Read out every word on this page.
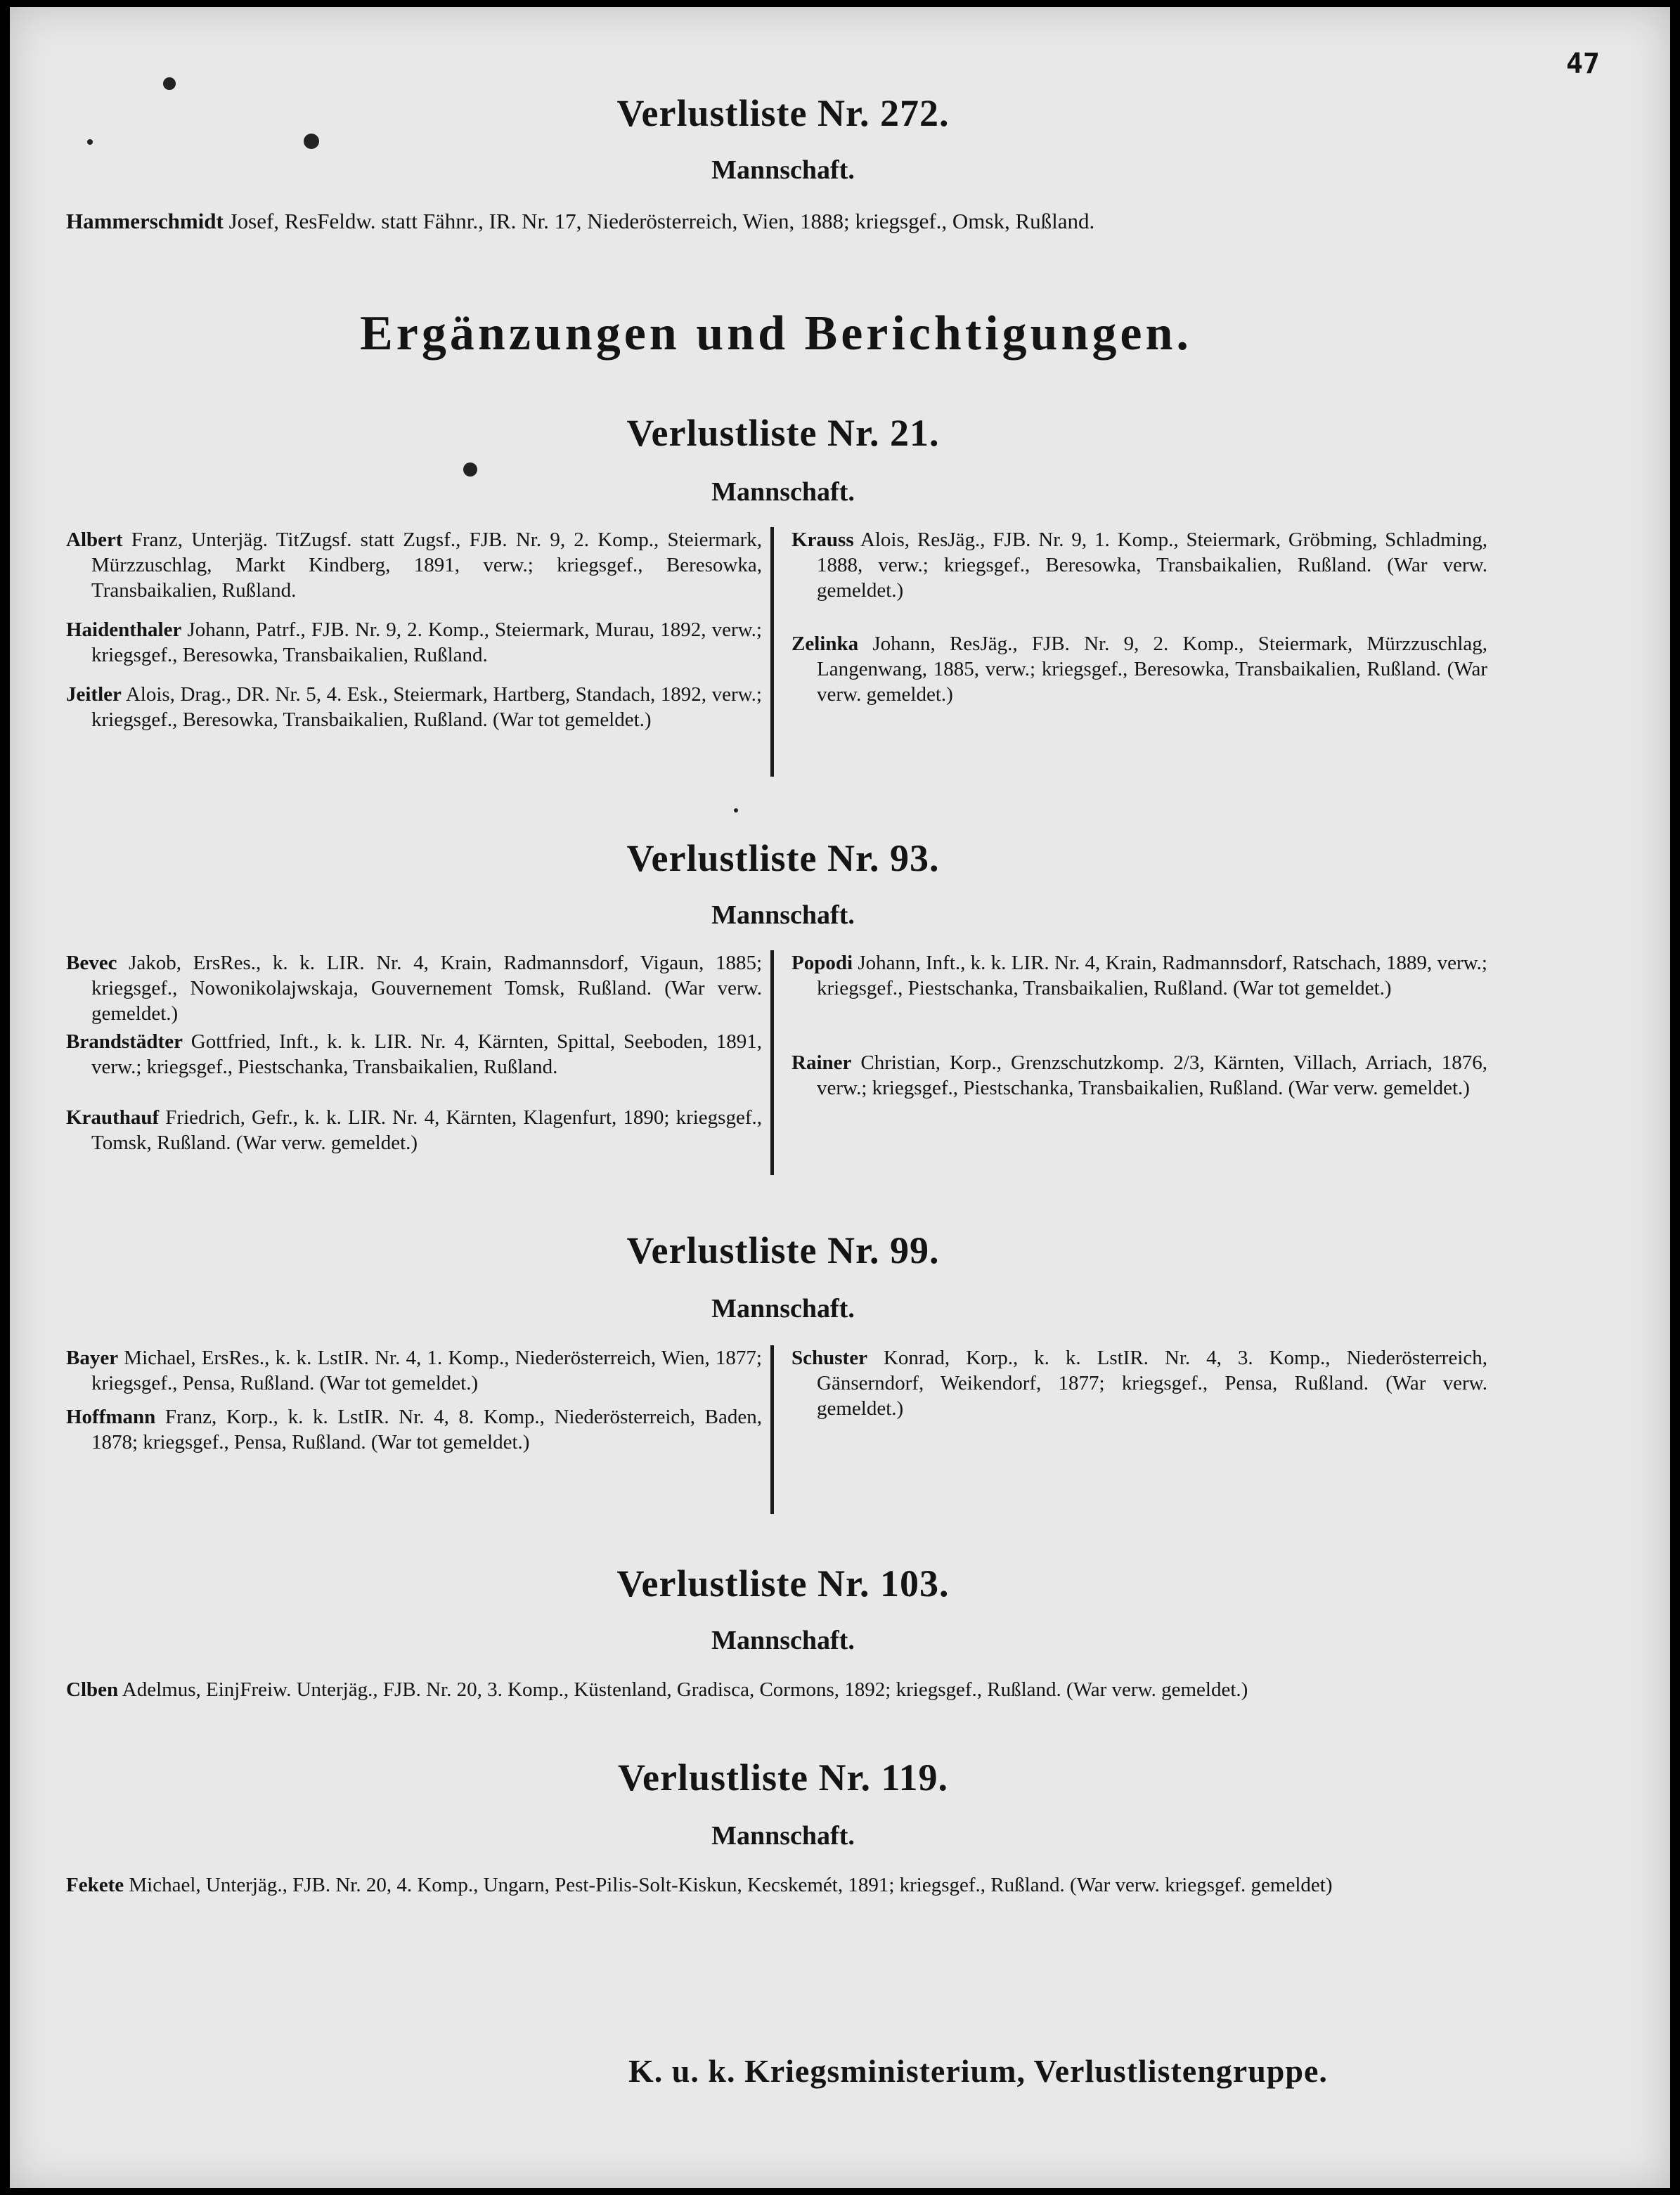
47
Verlustliste Nr. 272.
Mannschaft.
Hammerschmidt Josef, ResFeldw. statt Fähnr., IR. Nr. 17, Niederösterreich, Wien, 1888; kriegsgef., Omsk, Rußland.
Ergänzungen und Berichtigungen.
Verlustliste Nr. 21.
Mannschaft.
Albert Franz, Unterjäg. TitZugsf. statt Zugsf., FJB. Nr. 9, 2. Komp., Steiermark, Mürzzuschlag, Markt Kindberg, 1891, verw.; kriegsgef., Beresowka, Transbaikalien, Rußland.
Haidenthaler Johann, Patrf., FJB. Nr. 9, 2. Komp., Steiermark, Murau, 1892, verw.; kriegsgef., Beresowka, Transbaikalien, Rußland.
Jeitler Alois, Drag., DR. Nr. 5, 4. Esk., Steiermark, Hartberg, Standach, 1892, verw.; kriegsgef., Beresowka, Transbaikalien, Rußland. (War tot gemeldet.)
Krauss Alois, ResJäg., FJB. Nr. 9, 1. Komp., Steiermark, Gröbming, Schladming, 1888, verw.; kriegsgef., Beresowka, Transbaikalien, Rußland. (War verw. gemeldet.)
Zelinka Johann, ResJäg., FJB. Nr. 9, 2. Komp., Steiermark, Mürzzuschlag, Langenwang, 1885, verw.; kriegsgef., Beresowka, Transbaikalien, Rußland. (War verw. gemeldet.)
Verlustliste Nr. 93.
Mannschaft.
Bevec Jakob, ErsRes., k. k. LIR. Nr. 4, Krain, Radmannsdorf, Vigaun, 1885; kriegsgef., Nowonikolajwskaja, Gouvernement Tomsk, Rußland. (War verw. gemeldet.)
Brandstädter Gottfried, Inft., k. k. LIR. Nr. 4, Kärnten, Spittal, Seeboden, 1891, verw.; kriegsgef., Piestschanka, Transbaikalien, Rußland.
Krauthauf Friedrich, Gefr., k. k. LIR. Nr. 4, Kärnten, Klagenfurt, 1890; kriegsgef., Tomsk, Rußland. (War verw. gemeldet.)
Popodi Johann, Inft., k. k. LIR. Nr. 4, Krain, Radmannsdorf, Ratschach, 1889, verw.; kriegsgef., Piestschanka, Transbaikalien, Rußland. (War tot gemeldet.)
Rainer Christian, Korp., Grenzschutzkomp. 2/3, Kärnten, Villach, Arriach, 1876, verw.; kriegsgef., Piestschanka, Transbaikalien, Rußland. (War verw. gemeldet.)
Verlustliste Nr. 99.
Mannschaft.
Bayer Michael, ErsRes., k. k. LstIR. Nr. 4, 1. Komp., Niederösterreich, Wien, 1877; kriegsgef., Pensa, Rußland. (War tot gemeldet.)
Hoffmann Franz, Korp., k. k. LstIR. Nr. 4, 8. Komp., Niederösterreich, Baden, 1878; kriegsgef., Pensa, Rußland. (War tot gemeldet.)
Schuster Konrad, Korp., k. k. LstIR. Nr. 4, 3. Komp., Niederösterreich, Gänserndorf, Weikendorf, 1877; kriegsgef., Pensa, Rußland. (War verw. gemeldet.)
Verlustliste Nr. 103.
Mannschaft.
Clben Adelmus, EinjFreiw. Unterjäg., FJB. Nr. 20, 3. Komp., Küstenland, Gradisca, Cormons, 1892; kriegsgef., Rußland. (War verw. gemeldet.)
Verlustliste Nr. 119.
Mannschaft.
Fekete Michael, Unterjäg., FJB. Nr. 20, 4. Komp., Ungarn, Pest-Pilis-Solt-Kiskun, Kecskemét, 1891; kriegsgef., Rußland. (War verw. kriegsgef. gemeldet)
K. u. k. Kriegsministerium, Verlustlistengruppe.
